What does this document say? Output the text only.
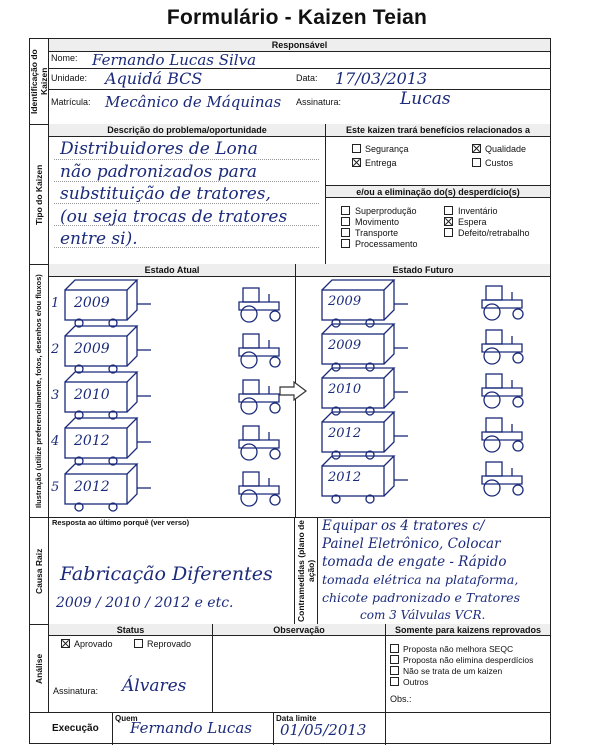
Formulário - Kaizen Teian
Identificação do Kaizen
Responsável
Nome: Fernando Lucas Silva
Unidade: Aquidá BCS	Data: 17/03/2013
Matrícula: Mecânico de Máquinas Assinatura:	Lucas
Tipo do Kaizen
Descrição do problema/oportunidade	Este kaizen trará benefícios relacionados a
Distribuidores de Lona
não padronizados para
substituição de tratores,
(ou seja trocas de tratores
entre si).
Segurança	Qualidade
Entrega	Custos
e/ou a eliminação do(s) desperdício(s)
Superprodução	Inventário
Movimento	Espera
Transporte	Defeito/retrabalho
Processamento
Ilustração (utilize preferencialmente, fotos, desenhos e/ou fluxos)
Estado Atual	Estado Futuro
1 2009
2 2009
3 2010
4 2012
5 2012
2009
2009
2010
2012
2012
Causa Raiz
Resposta ao último porquê (ver verso)
Fabricação Diferentes
2009 / 2010 / 2012 e etc.	Contramedidas (plano de ação)
Equipar os 4 tratores c/
Painel Eletrônico, Colocar
tomada de engate - Rápido
tomada elétrica na plataforma,
chicote padronizado e Tratores
com 3 Válvulas VCR.
Análise
Status
Aprovado	Reprovado
Assinatura: Álvares
Observação	Somente para kaizens reprovados
Proposta não melhora SEQC
Proposta não elimina desperdícios
Não se trata de um kaizen
Outros
Obs.:
Execução
Quem
Fernando Lucas
Data limite
01/05/2013
